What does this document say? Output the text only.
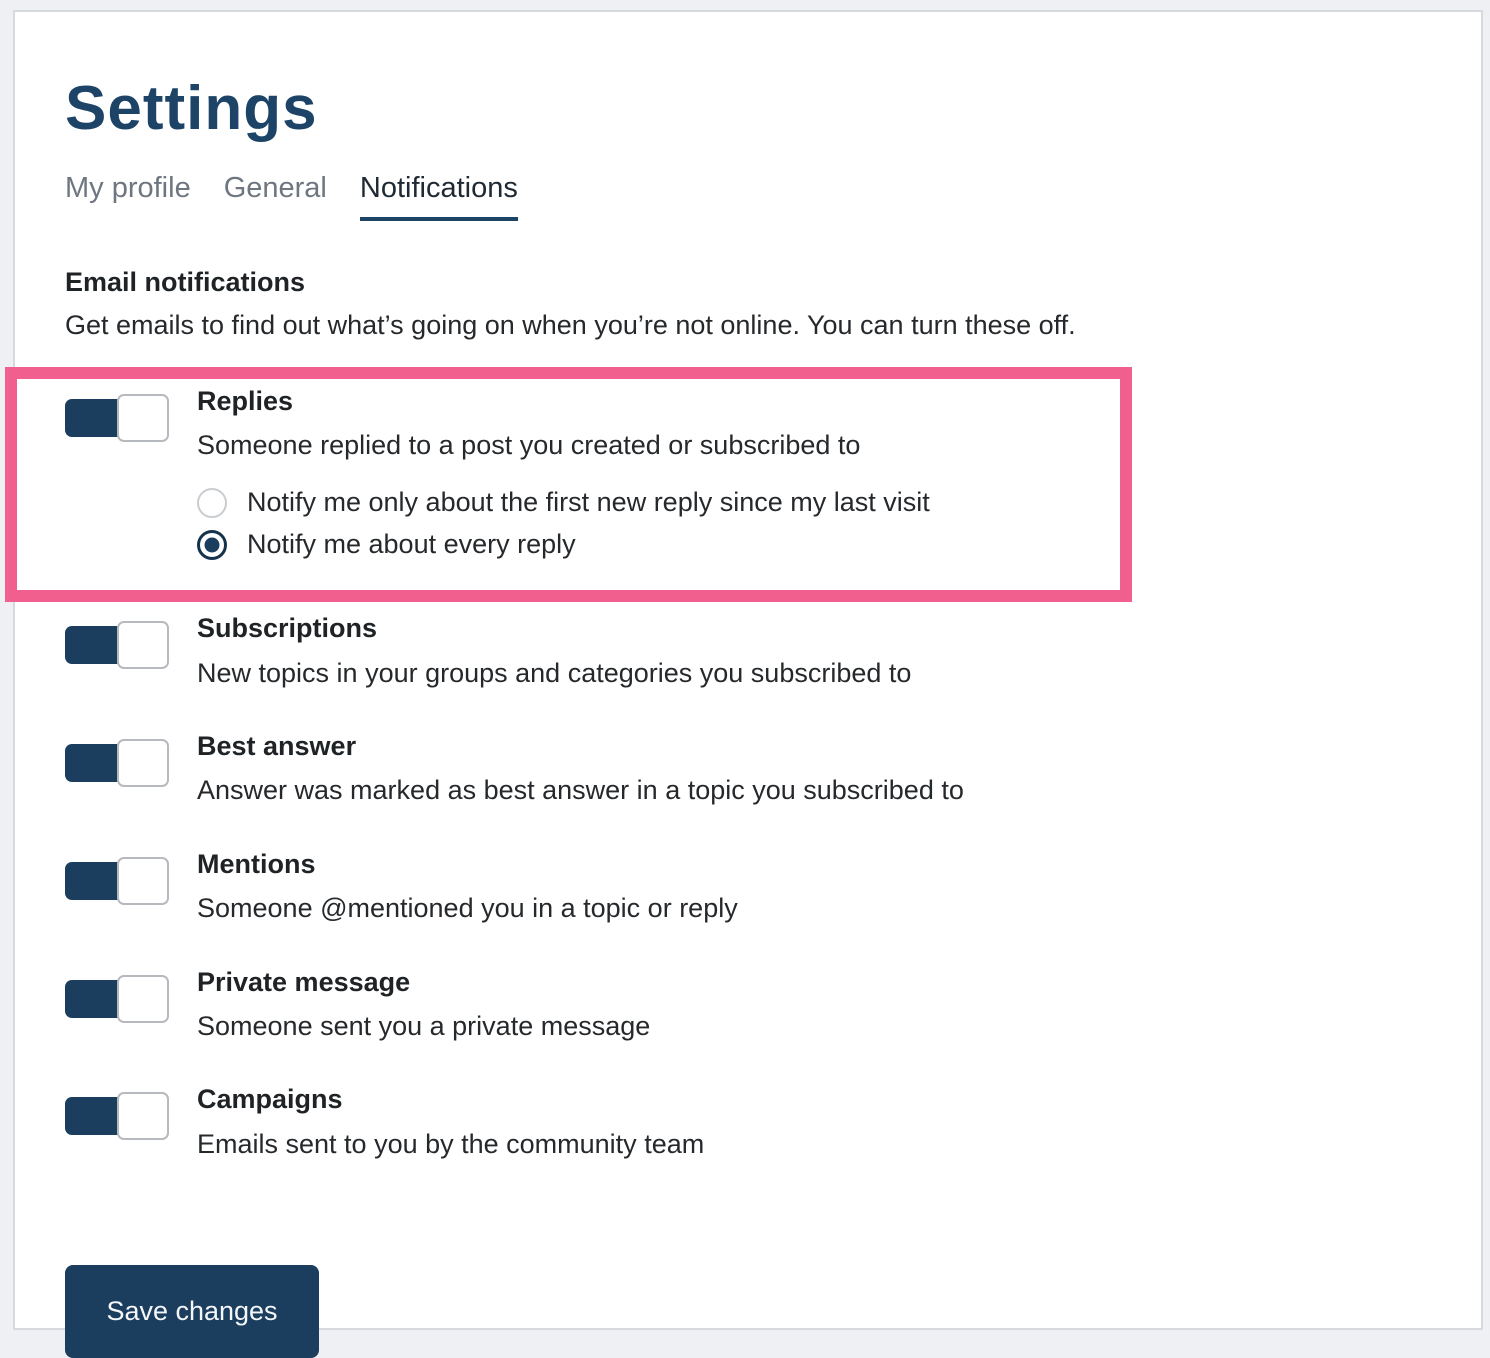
Settings
My profile General Notifications
Email notifications
Get emails to find out what’s going on when you’re not online. You can turn these off.
Replies
Someone replied to a post you created or subscribed to
Notify me only about the first new reply since my last visit
Notify me about every reply
Subscriptions
New topics in your groups and categories you subscribed to
Best answer
Answer was marked as best answer in a topic you subscribed to
Mentions
Someone @mentioned you in a topic or reply
Private message
Someone sent you a private message
Campaigns
Emails sent to you by the community team
Save changes
